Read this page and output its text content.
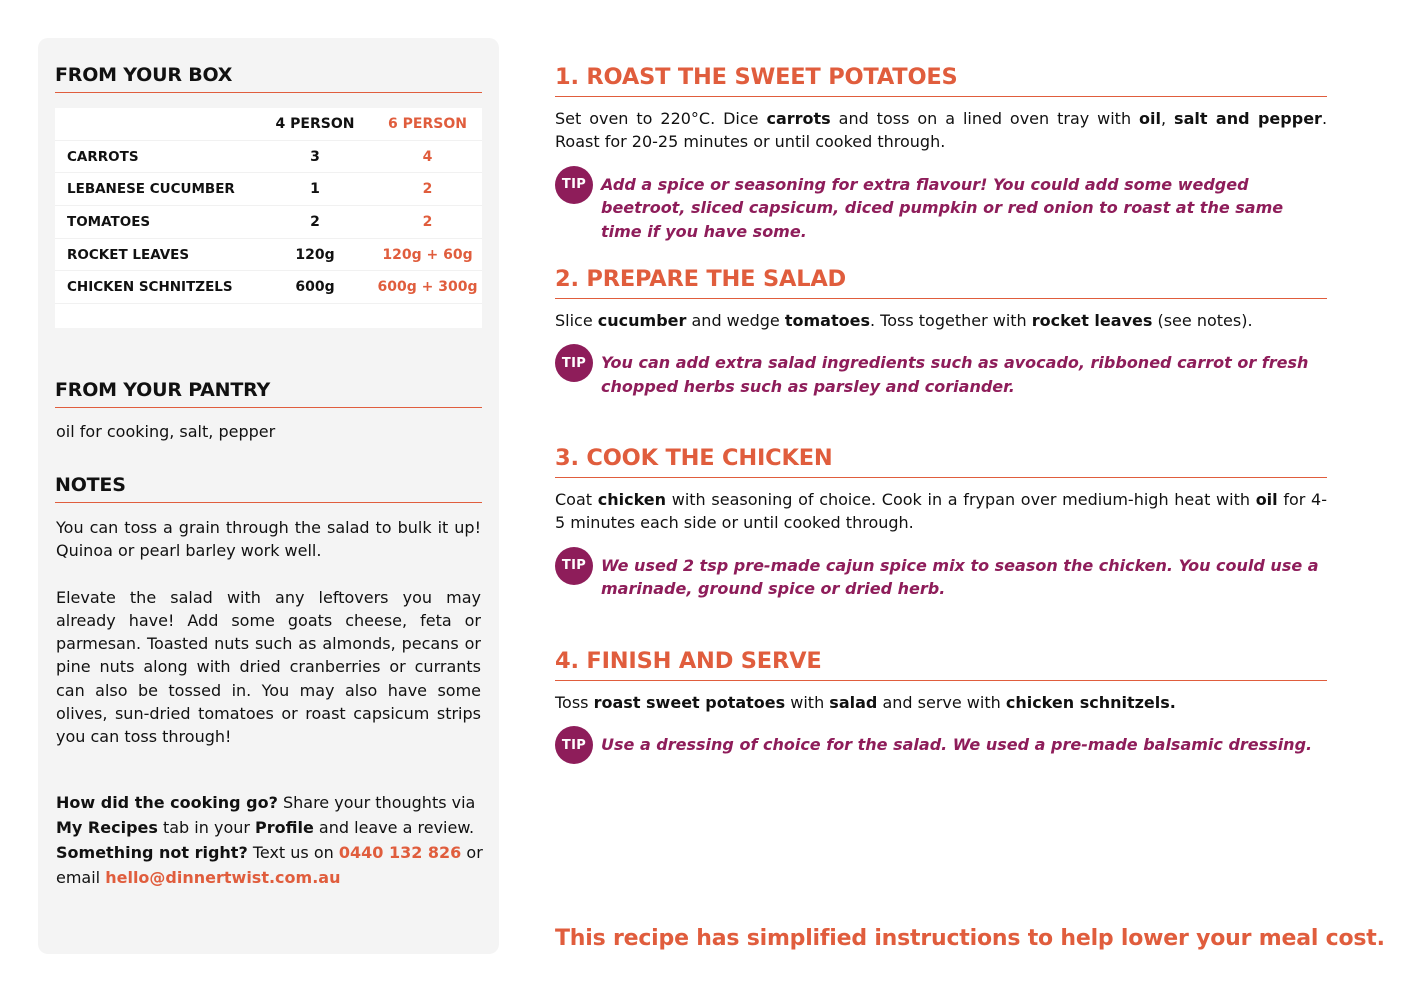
FROM YOUR BOX
	4 PERSON	6 PERSON
CARROTS	3	4
LEBANESE CUCUMBER	1	2
TOMATOES	2	2
ROCKET LEAVES	120g	120g + 60g
CHICKEN SCHNITZELS	600g	600g + 300g
FROM YOUR PANTRY
oil for cooking, salt, pepper
NOTES

You can toss a grain through the salad to bulk it up! Quinoa or pearl barley work well.

Elevate the salad with any leftovers you may already have! Add some goats cheese, feta or parmesan. Toasted nuts such as almonds, pecans or pine nuts along with dried cranberries or currants can also be tossed in. You may also have some olives, sun-dried tomatoes or roast capsicum strips you can toss through!

How did the cooking go? Share your thoughts via My Recipes tab in your Profile and leave a review.
Something not right? Text us on 0440 132 826 or email hello@dinnertwist.com.au
1. ROAST THE SWEET POTATOES
Set oven to 220°C. Dice carrots and toss on a lined oven tray with oil, salt and pepper. Roast for 20-25 minutes or until cooked through.
TIP Add a spice or seasoning for extra flavour! You could add some wedged beetroot, sliced capsicum, diced pumpkin or red onion to roast at the same time if you have some.
2. PREPARE THE SALAD
Slice cucumber and wedge tomatoes. Toss together with rocket leaves (see notes).
TIP You can add extra salad ingredients such as avocado, ribboned carrot or fresh chopped herbs such as parsley and coriander.
3. COOK THE CHICKEN
Coat chicken with seasoning of choice. Cook in a frypan over medium-high heat with oil for 4-5 minutes each side or until cooked through.
TIP We used 2 tsp pre-made cajun spice mix to season the chicken. You could use a marinade, ground spice or dried herb.
4. FINISH AND SERVE
Toss roast sweet potatoes with salad and serve with chicken schnitzels.
TIP Use a dressing of choice for the salad. We used a pre-made balsamic dressing.
This recipe has simplified instructions to help lower your meal cost.
